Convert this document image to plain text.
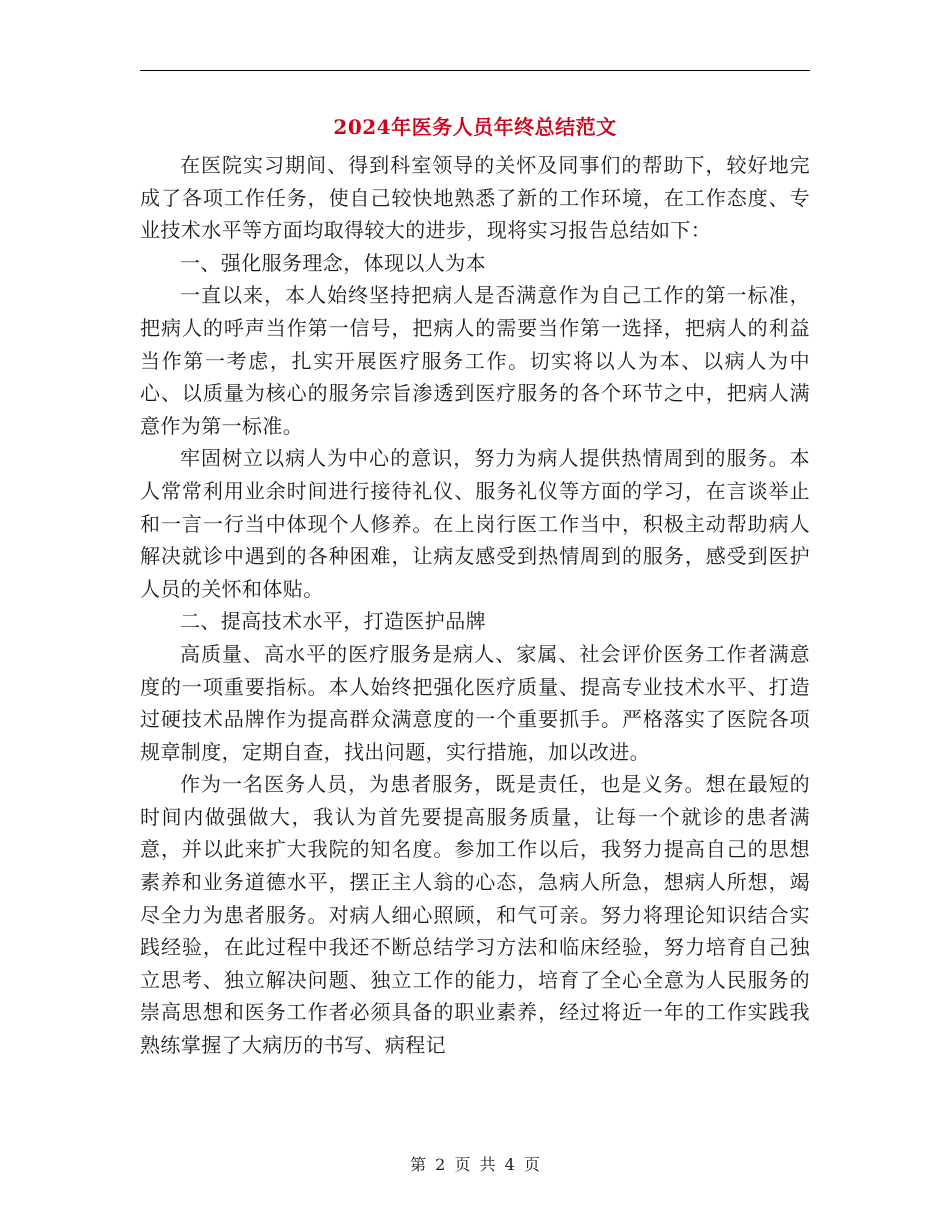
2024年医务人员年终总结范文

在医院实习期间、得到科室领导的关怀及同事们的帮助下，较好地完成了各项工作任务，使自己较快地熟悉了新的工作环境，在工作态度、专业技术水平等方面均取得较大的进步，现将实习报告总结如下：

一、强化服务理念，体现以人为本

一直以来，本人始终坚持把病人是否满意作为自己工作的第一标准，把病人的呼声当作第一信号，把病人的需要当作第一选择，把病人的利益当作第一考虑，扎实开展医疗服务工作。切实将以人为本、以病人为中心、以质量为核心的服务宗旨渗透到医疗服务的各个环节之中，把病人满意作为第一标准。

牢固树立以病人为中心的意识，努力为病人提供热情周到的服务。本人常常利用业余时间进行接待礼仪、服务礼仪等方面的学习，在言谈举止和一言一行当中体现个人修养。在上岗行医工作当中，积极主动帮助病人解决就诊中遇到的各种困难，让病友感受到热情周到的服务，感受到医护人员的关怀和体贴。

二、提高技术水平，打造医护品牌

高质量、高水平的医疗服务是病人、家属、社会评价医务工作者满意度的一项重要指标。本人始终把强化医疗质量、提高专业技术水平、打造过硬技术品牌作为提高群众满意度的一个重要抓手。严格落实了医院各项规章制度，定期自查，找出问题，实行措施，加以改进。

作为一名医务人员，为患者服务，既是责任，也是义务。想在最短的时间内做强做大，我认为首先要提高服务质量，让每一个就诊的患者满意，并以此来扩大我院的知名度。参加工作以后，我努力提高自己的思想素养和业务道德水平，摆正主人翁的心态，急病人所急，想病人所想，竭尽全力为患者服务。对病人细心照顾，和气可亲。努力将理论知识结合实践经验，在此过程中我还不断总结学习方法和临床经验，努力培育自己独立思考、独立解决问题、独立工作的能力，培育了全心全意为人民服务的崇高思想和医务工作者必须具备的职业素养，经过将近一年的工作实践我熟练掌握了大病历的书写、病程记

第 2 页 共 4 页
